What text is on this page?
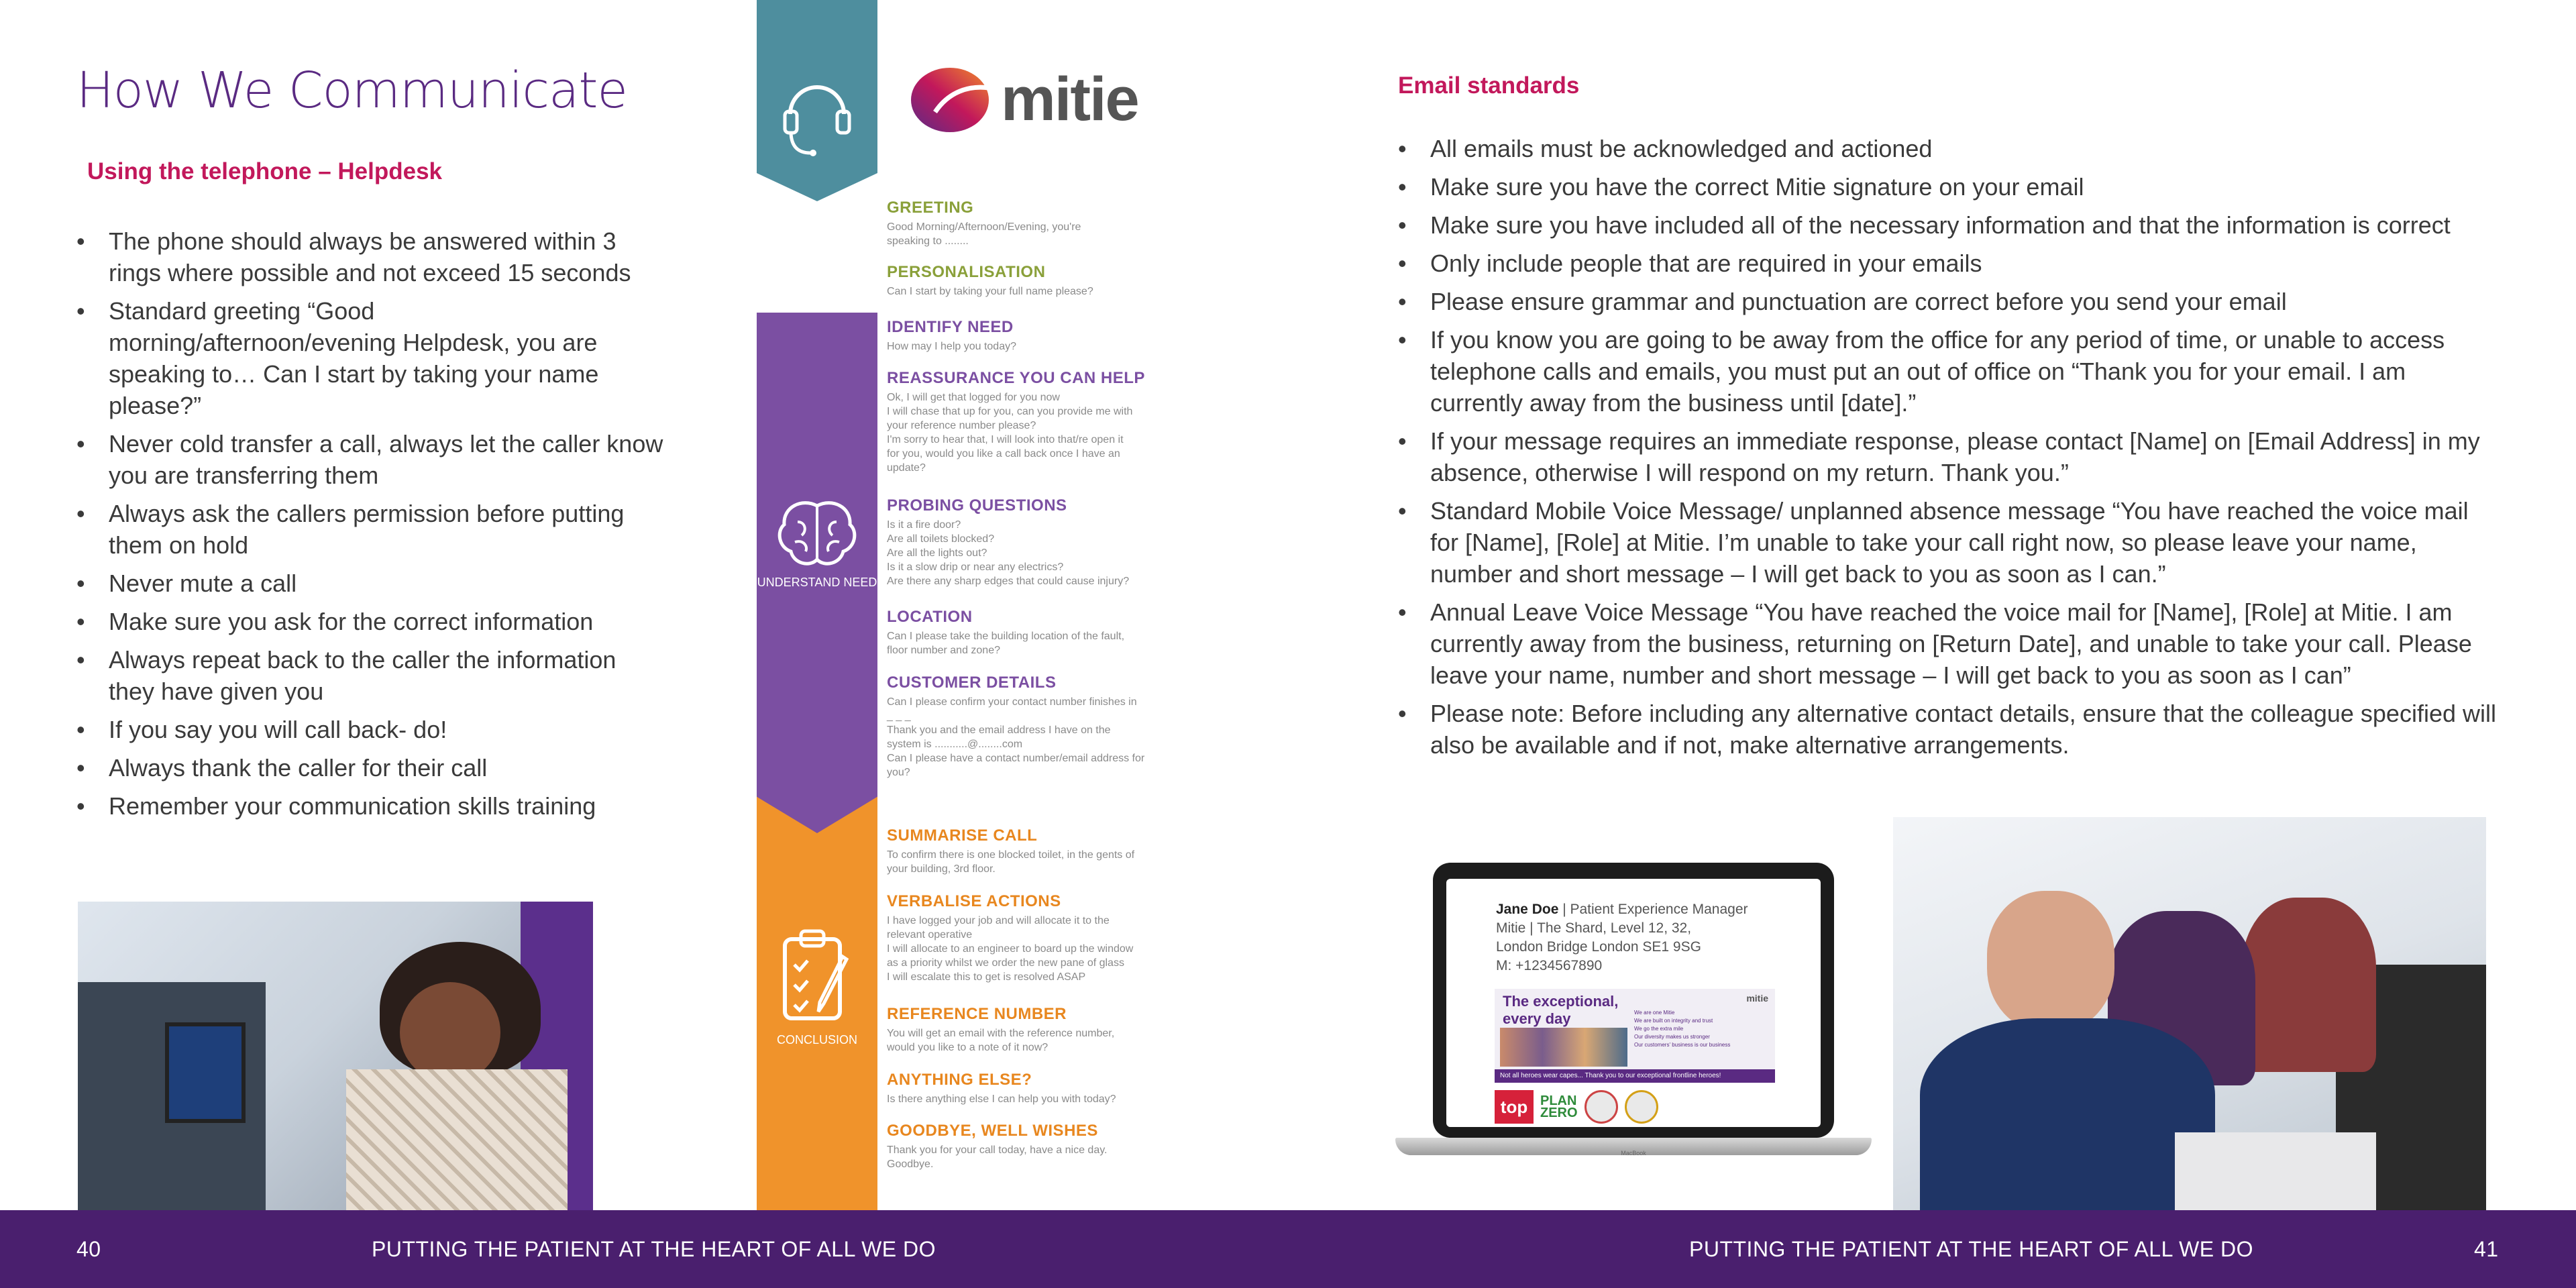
How We Communicate
Using the telephone – Helpdesk
• The phone should always be answered within 3 rings where possible and not exceed 15 seconds
• Standard greeting “Good morning/afternoon/evening Helpdesk, you are speaking to… Can I start by taking your name please?”
• Never cold transfer a call, always let the caller know you are transferring them
• Always ask the callers permission before putting them on hold
• Never mute a call
• Make sure you ask for the correct information
• Always repeat back to the caller the information they have given you
• If you say you will call back- do!
• Always thank the caller for their call
• Remember your communication skills training
UNDERSTAND NEED
CONCLUSION
mitie
GREETING

Good Morning/Afternoon/Evening, you're
speaking to ........

PERSONALISATION

Can I start by taking your full name please?

IDENTIFY NEED

How may I help you today?

REASSURANCE YOU CAN HELP

Ok, I will get that logged for you now
I will chase that up for you, can you provide me with
your reference number please?
I'm sorry to hear that, I will look into that/re open it
for you, would you like a call back once I have an
update?

PROBING QUESTIONS

Is it a fire door?
Are all toilets blocked?
Are all the lights out?
Is it a slow drip or near any electrics?
Are there any sharp edges that could cause injury?

LOCATION

Can I please take the building location of the fault,
floor number and zone?

CUSTOMER DETAILS

Can I please confirm your contact number finishes in
_ _ _
Thank you and the email address I have on the
system is ...........@........com
Can I please have a contact number/email address for
you?

SUMMARISE CALL

To confirm there is one blocked toilet, in the gents of
your building, 3rd floor.

VERBALISE ACTIONS

I have logged your job and will allocate it to the
relevant operative
I will allocate to an engineer to board up the window
as a priority whilst we order the new pane of glass
I will escalate this to get is resolved ASAP

REFERENCE NUMBER

You will get an email with the reference number,
would you like to a note of it now?

ANYTHING ELSE?

Is there anything else I can help you with today?

GOODBYE, WELL WISHES

Thank you for your call today, have a nice day.
Goodbye.

Email standards
• All emails must be acknowledged and actioned
• Make sure you have the correct Mitie signature on your email
• Make sure you have included all of the necessary information and that the information is correct
• Only include people that are required in your emails
• Please ensure grammar and punctuation are correct before you send your email
• If you know you are going to be away from the office for any period of time, or unable to access telephone calls and emails, you must put an out of office on “Thank you for your email. I am currently away from the business until [date].”
• If your message requires an immediate response, please contact [Name] on [Email Address] in my absence, otherwise I will respond on my return. Thank you.”
• Standard Mobile Voice Message/ unplanned absence message “You have reached the voice mail for [Name], [Role] at Mitie. I’m unable to take your call right now, so please leave your name, number and short message – I will get back to you as soon as I can.”
• Annual Leave Voice Message “You have reached the voice mail for [Name], [Role] at Mitie. I am currently away from the business, returning on [Return Date], and unable to take your call. Please leave your name, number and short message – I will get back to you as soon as I can”
• Please note: Before including any alternative contact details, ensure that the colleague specified will also be available and if not, make alternative arrangements.
Jane Doe | Patient Experience Manager
Mitie | The Shard, Level 12, 32,
London Bridge London SE1 9SG
M: +1234567890
The exceptional,
every day
mitie
We are one Mitie
We are built on integrity and trust
We go the extra mile
Our diversity makes us stronger
Our customers' business is our business
Not all heroes wear capes... Thank you to our exceptional frontline heroes!
top PLAN
ZERO
MacBook
40	PUTTING THE PATIENT AT THE HEART OF ALL WE DO	PUTTING THE PATIENT AT THE HEART OF ALL WE DO	41
